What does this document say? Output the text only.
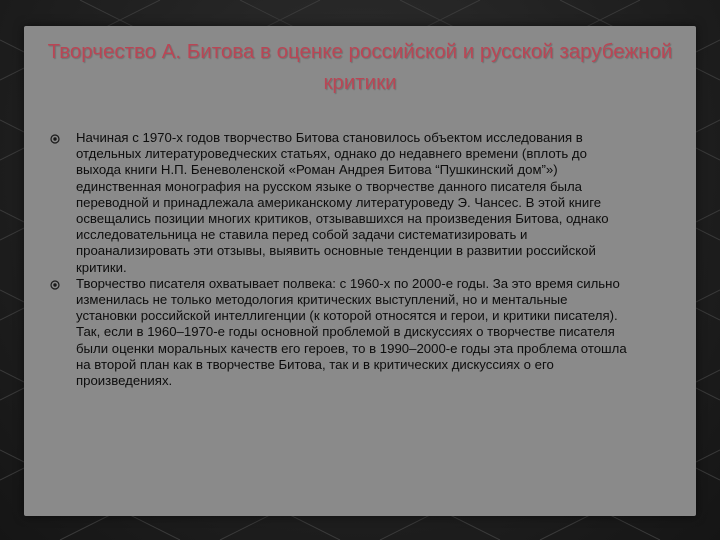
Творчество А. Битова в оценке российской и русской зарубежной критики
Начиная с 1970-х годов творчество Битова становилось объектом исследования в отдельных литературоведческих статьях, однако до недавнего времени (вплоть до выхода книги Н.П. Беневоленской «Роман Андрея Битова “Пушкинский дом”») единственная монография на русском языке о творчестве данного писателя была переводной и принадлежала американскому литературоведу Э. Чансес. В этой книге освещались позиции многих критиков, отзывавшихся на произведения Битова, однако исследовательница не ставила перед собой задачи систематизировать и проанализировать эти отзывы, выявить основные тенденции в развитии российской критики.
Творчество писателя охватывает полвека: с 1960-х по 2000-е годы. За это время сильно изменилась не только методология критических выступлений, но и ментальные установки российской интеллигенции (к которой относятся и герои, и критики писателя). Так, если в 1960–1970-е годы основной проблемой в дискуссиях о творчестве писателя были оценки моральных качеств его героев, то в 1990–2000-е годы эта проблема отошла на второй план как в творчестве Битова, так и в критических дискуссиях о его произведениях.
